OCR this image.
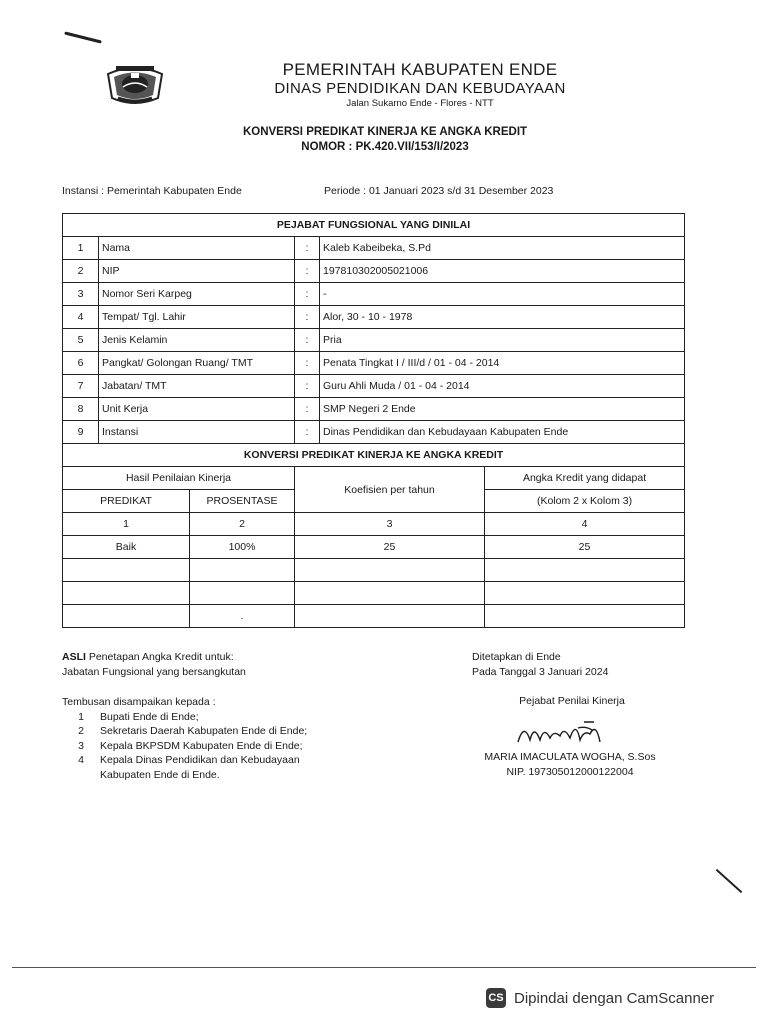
PEMERINTAH KABUPATEN ENDE
DINAS PENDIDIKAN DAN KEBUDAYAAN
Jalan Sukarno Ende - Flores - NTT
KONVERSI PREDIKAT KINERJA KE ANGKA KREDIT
NOMOR : PK.420.VII/153/I/2023
Instansi : Pemerintah Kabupaten Ende	Periode : 01 Januari 2023 s/d 31 Desember 2023
PEJABAT FUNGSIONAL YANG DINILAI					
1	Nama		:	Kaleb Kabeibeka, S.Pd	
2	NIP		:	197810302005021006	
3	Nomor Seri Karpeg		:	-	
4	Tempat/ Tgl. Lahir		:	Alor, 30 - 10 - 1978	
5	Jenis Kelamin		:	Pria	
6	Pangkat/ Golongan Ruang/ TMT		:	Penata Tingkat I / III/d / 01 - 04 - 2014	
7	Jabatan/ TMT		:	Guru Ahli Muda / 01 - 04 - 2014	
8	Unit Kerja		:	SMP Negeri 2 Ende	
9	Instansi		:	Dinas Pendidikan dan Kebudayaan Kabupaten Ende	
KONVERSI PREDIKAT KINERJA KE ANGKA KREDIT					
Hasil Penilaian Kinerja			Koefisien per tahun		Angka Kredit yang didapat
PREDIKAT		PROSENTASE			(Kolom 2 x Kolom 3)
1		2	3		4
Baik		100%	25		25

		.			
ASLI Penetapan Angka Kredit untuk:
Jabatan Fungsional yang bersangkutan
Ditetapkan di Ende
Pada Tanggal 3 Januari 2024
Tembusan disampaikan kepada :
1	Bupati Ende di Ende;
2	Sekretaris Daerah Kabupaten Ende di Ende;
3	Kepala BKPSDM Kabupaten Ende di Ende;
4	Kepala Dinas Pendidikan dan Kebudayaan
Kabupaten Ende di Ende.
Pejabat Penilai Kinerja
MARIA IMACULATA WOGHA, S.Sos
NIP. 197305012000122004
CS Dipindai dengan CamScanner
